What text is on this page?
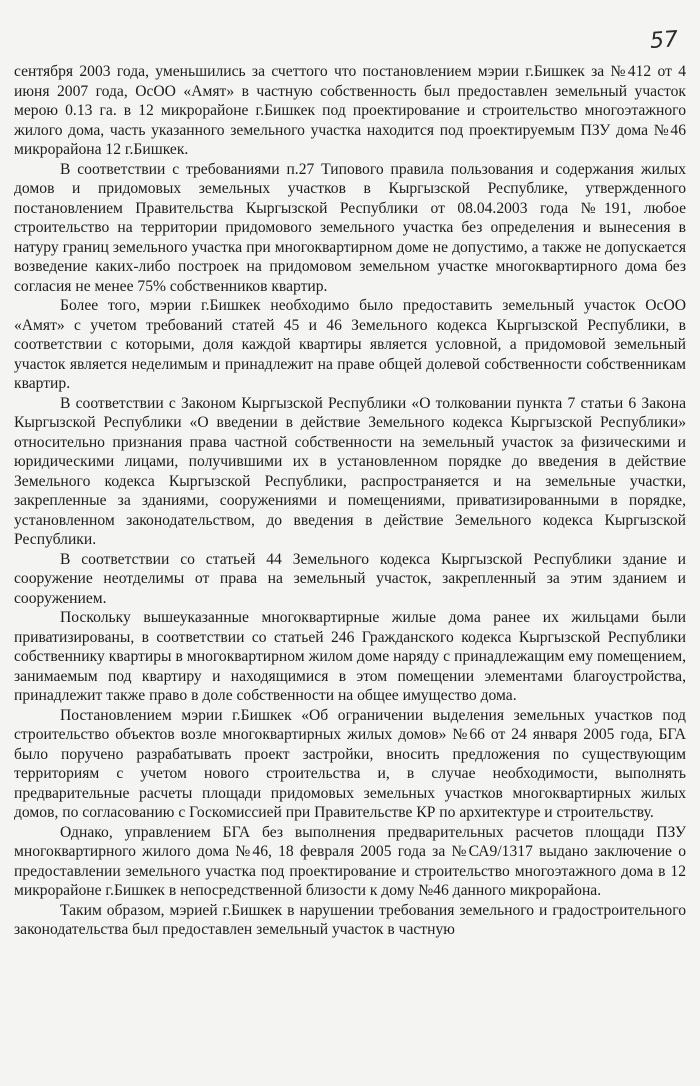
57

сентября 2003 года, уменьшились за счеттого что постановлением мэрии г.Бишкек за №412 от 4 июня 2007 года, ОсОО «Амят» в частную собственность был предоставлен земельный участок мерою 0.13 га. в 12 микрорайоне г.Бишкек под проектирование и строительство многоэтажного жилого дома, часть указанного земельного участка находится под проектируемым ПЗУ дома №46 микрорайона 12 г.Бишкек.

В соответствии с требованиями п.27 Типового правила пользования и содержания жилых домов и придомовых земельных участков в Кыргызской Республике, утвержденного постановлением Правительства Кыргызской Республики от 08.04.2003 года №191, любое строительство на территории придомового земельного участка без определения и вынесения в натуру границ земельного участка при многоквартирном доме не допустимо, а также не допускается возведение каких-либо построек на придомовом земельном участке многоквартирного дома без согласия не менее 75% собственников квартир.

Более того, мэрии г.Бишкек необходимо было предоставить земельный участок ОсОО «Амят» с учетом требований статей 45 и 46 Земельного кодекса Кыргызской Республики, в соответствии с которыми, доля каждой квартиры является условной, а придомовой земельный участок является неделимым и принадлежит на праве общей долевой собственности собственникам квартир.

В соответствии с Законом Кыргызской Республики «О толковании пункта 7 статьи 6 Закона Кыргызской Республики «О введении в действие Земельного кодекса Кыргызской Республики» относительно признания права частной собственности на земельный участок за физическими и юридическими лицами, получившими их в установленном порядке до введения в действие Земельного кодекса Кыргызской Республики, распространяется и на земельные участки, закрепленные за зданиями, сооружениями и помещениями, приватизированными в порядке, установленном законодательством, до введения в действие Земельного кодекса Кыргызской Республики.

В соответствии со статьей 44 Земельного кодекса Кыргызской Республики здание и сооружение неотделимы от права на земельный участок, закрепленный за этим зданием и сооружением.

Поскольку вышеуказанные многоквартирные жилые дома ранее их жильцами были приватизированы, в соответствии со статьей 246 Гражданского кодекса Кыргызской Республики собственнику квартиры в многоквартирном жилом доме наряду с принадлежащим ему помещением, занимаемым под квартиру и находящимися в этом помещении элементами благоустройства, принадлежит также право в доле собственности на общее имущество дома.

Постановлением мэрии г.Бишкек «Об ограничении выделения земельных участков под строительство объектов возле многоквартирных жилых домов» №66 от 24 января 2005 года, БГА было поручено разрабатывать проект застройки, вносить предложения по существующим территориям с учетом нового строительства и, в случае необходимости, выполнять предварительные расчеты площади придомовых земельных участков многоквартирных жилых домов, по согласованию с Госкомиссией при Правительстве КР по архитектуре и строительству.

Однако, управлением БГА без выполнения предварительных расчетов площади ПЗУ многоквартирного жилого дома №46, 18 февраля 2005 года за №СА9/1317 выдано заключение о предоставлении земельного участка под проектирование и строительство многоэтажного дома в 12 микрорайоне г.Бишкек в непосредственной близости к дому №46 данного микрорайона.

Таким образом, мэрией г.Бишкек в нарушении требования земельного и градостроительного законодательства был предоставлен земельный участок в частную
